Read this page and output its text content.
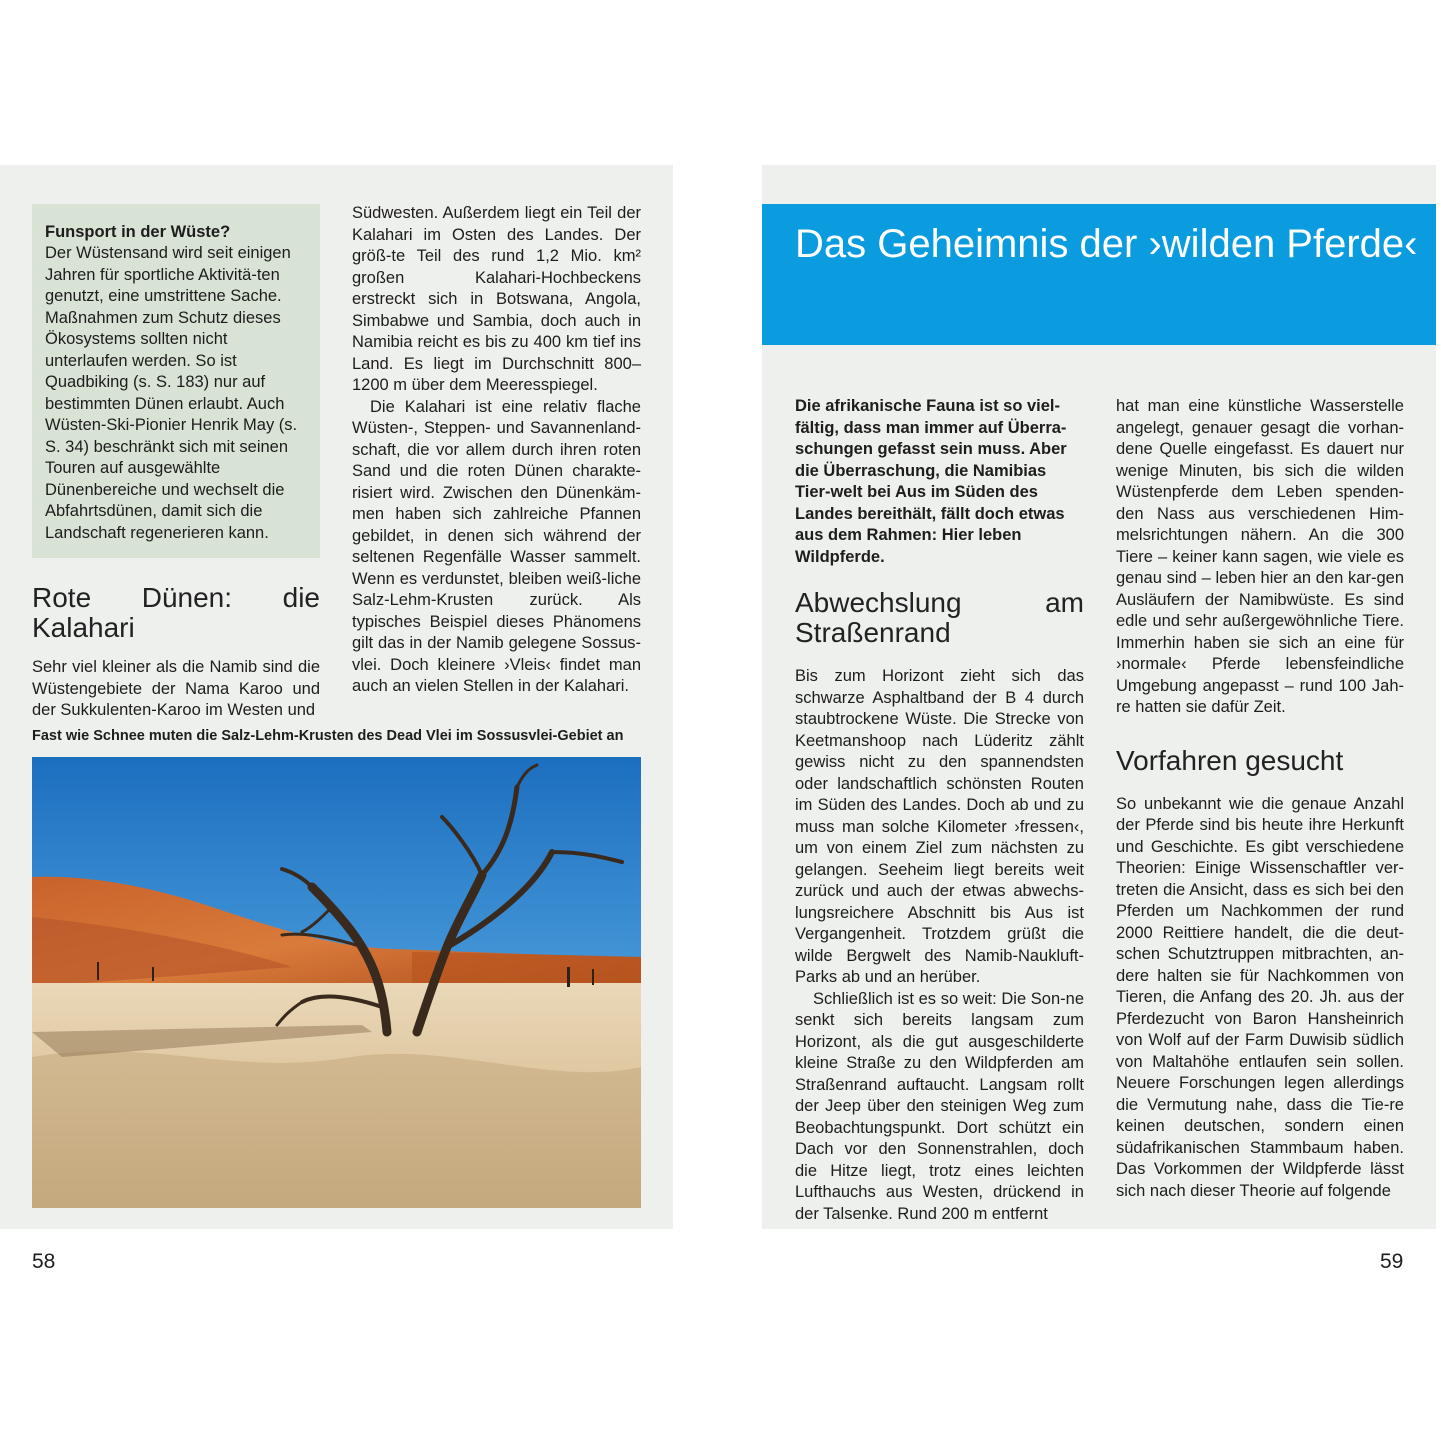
Funsport in der Wüste?
Der Wüstensand wird seit einigen Jahren für sportliche Aktivitä-ten genutzt, eine umstrittene Sache. Maßnahmen zum Schutz dieses Ökosystems sollten nicht unterlaufen werden. So ist Quadbiking (s. S. 183) nur auf bestimmten Dünen erlaubt. Auch Wüsten-Ski-Pionier Henrik May (s. S. 34) beschränkt sich mit seinen Touren auf ausgewählte Dünenbereiche und wechselt die Abfahrtsdünen, damit sich die Landschaft regenerieren kann.
Rote Dünen: die Kalahari

Sehr viel kleiner als die Namib sind die Wüstengebiete der Nama Karoo und der Sukkulenten-Karoo im Westen und

Südwesten. Außerdem liegt ein Teil der Kalahari im Osten des Landes. Der größ-te Teil des rund 1,2 Mio. km² großen Kalahari-Hochbeckens erstreckt sich in Botswana, Angola, Simbabwe und Sambia, doch auch in Namibia reicht es bis zu 400 km tief ins Land. Es liegt im Durchschnitt 800–1200 m über dem Meeresspiegel.

Die Kalahari ist eine relativ flache Wüsten-, Steppen- und Savannenland-schaft, die vor allem durch ihren roten Sand und die roten Dünen charakte-risiert wird. Zwischen den Dünenkäm-men haben sich zahlreiche Pfannen gebildet, in denen sich während der seltenen Regenfälle Wasser sammelt. Wenn es verdunstet, bleiben weiß-liche Salz-Lehm-Krusten zurück. Als typisches Beispiel dieses Phänomens gilt das in der Namib gelegene Sossus-vlei. Doch kleinere ›Vleis‹ findet man auch an vielen Stellen in der Kalahari.

Fast wie Schnee muten die Salz-Lehm-Krusten des Dead Vlei im Sossusvlei-Gebiet an
Das Geheimnis der ›wilden Pferde‹

Die afrikanische Fauna ist so viel-fältig, dass man immer auf Überra-schungen gefasst sein muss. Aber die Überraschung, die Namibias Tier-welt bei Aus im Süden des Landes bereithält, fällt doch etwas aus dem Rahmen: Hier leben Wildpferde.

Abwechslung am Straßenrand

Bis zum Horizont zieht sich das schwarze Asphaltband der B 4 durch staubtrockene Wüste. Die Strecke von Keetmanshoop nach Lüderitz zählt gewiss nicht zu den spannendsten oder landschaftlich schönsten Routen im Süden des Landes. Doch ab und zu muss man solche Kilometer ›fressen‹, um von einem Ziel zum nächsten zu gelangen. Seeheim liegt bereits weit zurück und auch der etwas abwechs-lungsreichere Abschnitt bis Aus ist Vergangenheit. Trotzdem grüßt die wilde Bergwelt des Namib-Naukluft-Parks ab und an herüber.

Schließlich ist es so weit: Die Son-ne senkt sich bereits langsam zum Horizont, als die gut ausgeschilderte kleine Straße zu den Wildpferden am Straßenrand auftaucht. Langsam rollt der Jeep über den steinigen Weg zum Beobachtungspunkt. Dort schützt ein Dach vor den Sonnenstrahlen, doch die Hitze liegt, trotz eines leichten Lufthauchs aus Westen, drückend in der Talsenke. Rund 200 m entfernt

hat man eine künstliche Wasserstelle angelegt, genauer gesagt die vorhan-dene Quelle eingefasst. Es dauert nur wenige Minuten, bis sich die wilden Wüstenpferde dem Leben spenden-den Nass aus verschiedenen Him-melsrichtungen nähern. An die 300 Tiere – keiner kann sagen, wie viele es genau sind – leben hier an den kar-gen Ausläufern der Namibwüste. Es sind edle und sehr außergewöhnliche Tiere. Immerhin haben sie sich an eine für ›normale‹ Pferde lebensfeindliche Umgebung angepasst – rund 100 Jah-re hatten sie dafür Zeit.

Vorfahren gesucht

So unbekannt wie die genaue Anzahl der Pferde sind bis heute ihre Herkunft und Geschichte. Es gibt verschiedene Theorien: Einige Wissenschaftler ver-treten die Ansicht, dass es sich bei den Pferden um Nachkommen der rund 2000 Reittiere handelt, die die deut-schen Schutztruppen mitbrachten, an-dere halten sie für Nachkommen von Tieren, die Anfang des 20. Jh. aus der Pferdezucht von Baron Hansheinrich von Wolf auf der Farm Duwisib südlich von Maltahöhe entlaufen sein sollen. Neuere Forschungen legen allerdings die Vermutung nahe, dass die Tie-re keinen deutschen, sondern einen südafrikanischen Stammbaum haben. Das Vorkommen der Wildpferde lässt sich nach dieser Theorie auf folgende

58	59
